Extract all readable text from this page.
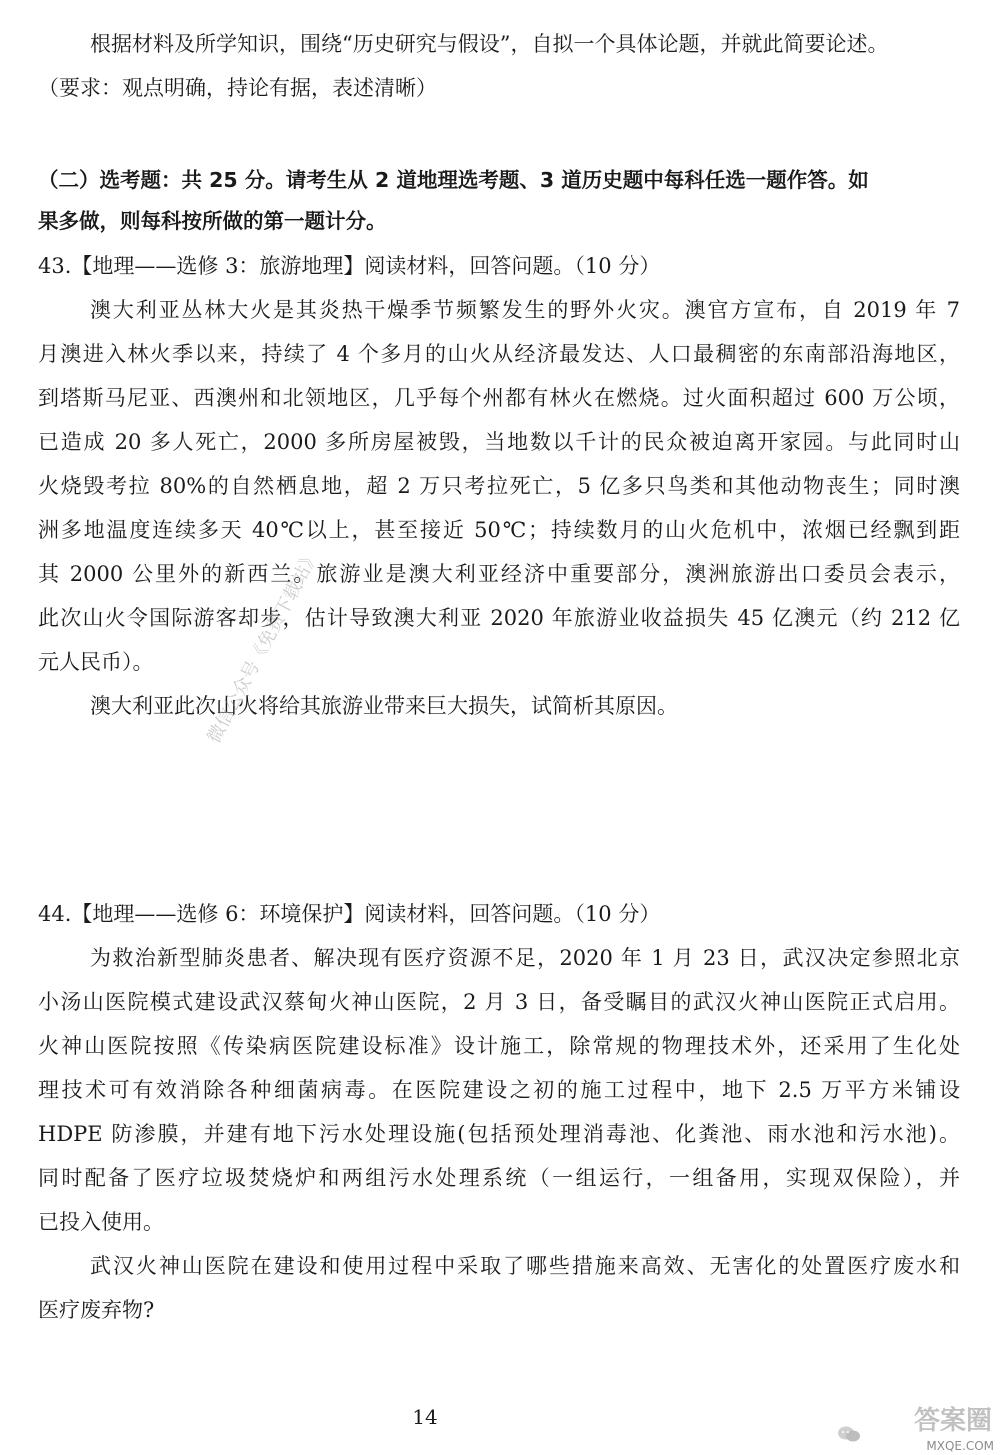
根据材料及所学知识，围绕“历史研究与假设”，自拟一个具体论题，并就此简要论述。
（要求：观点明确，持论有据，表述清晰）
（二）选考题：共 25 分。请考生从 2 道地理选考题、3 道历史题中每科任选一题作答。如
果多做，则每科按所做的第一题计分。
43.【地理——选修 3：旅游地理】阅读材料，回答问题。（10 分）
澳大利亚丛林大火是其炎热干燥季节频繁发生的野外火灾。澳官方宣布，自 2019 年 7
月澳进入林火季以来，持续了 4 个多月的山火从经济最发达、人口最稠密的东南部沿海地区，
到塔斯马尼亚、西澳州和北领地区，几乎每个州都有林火在燃烧。过火面积超过 600 万公顷，
已造成 20 多人死亡，2000 多所房屋被毁，当地数以千计的民众被迫离开家园。与此同时山
火烧毁考拉 80%的自然栖息地，超 2 万只考拉死亡，5 亿多只鸟类和其他动物丧生；同时澳
洲多地温度连续多天 40℃以上，甚至接近 50℃；持续数月的山火危机中，浓烟已经飘到距
其 2000 公里外的新西兰。旅游业是澳大利亚经济中重要部分，澳洲旅游出口委员会表示，
此次山火令国际游客却步，估计导致澳大利亚 2020 年旅游业收益损失 45 亿澳元（约 212 亿
元人民币）。
澳大利亚此次山火将给其旅游业带来巨大损失，试简析其原因。
微信公众号《免费下载站》
44.【地理——选修 6：环境保护】阅读材料，回答问题。（10 分）
为救治新型肺炎患者、解决现有医疗资源不足，2020 年 1 月 23 日，武汉决定参照北京
小汤山医院模式建设武汉蔡甸火神山医院，2 月 3 日，备受瞩目的武汉火神山医院正式启用。
火神山医院按照《传染病医院建设标准》设计施工，除常规的物理技术外，还采用了生化处
理技术可有效消除各种细菌病毒。在医院建设之初的施工过程中，地下 2.5 万平方米铺设
HDPE 防渗膜，并建有地下污水处理设施(包括预处理消毒池、化粪池、雨水池和污水池)。
同时配备了医疗垃圾焚烧炉和两组污水处理系统（一组运行，一组备用，实现双保险），并
已投入使用。
武汉火神山医院在建设和使用过程中采取了哪些措施来高效、无害化的处置医疗废水和
医疗废弃物?
14	答案圈
MXQE.COM
